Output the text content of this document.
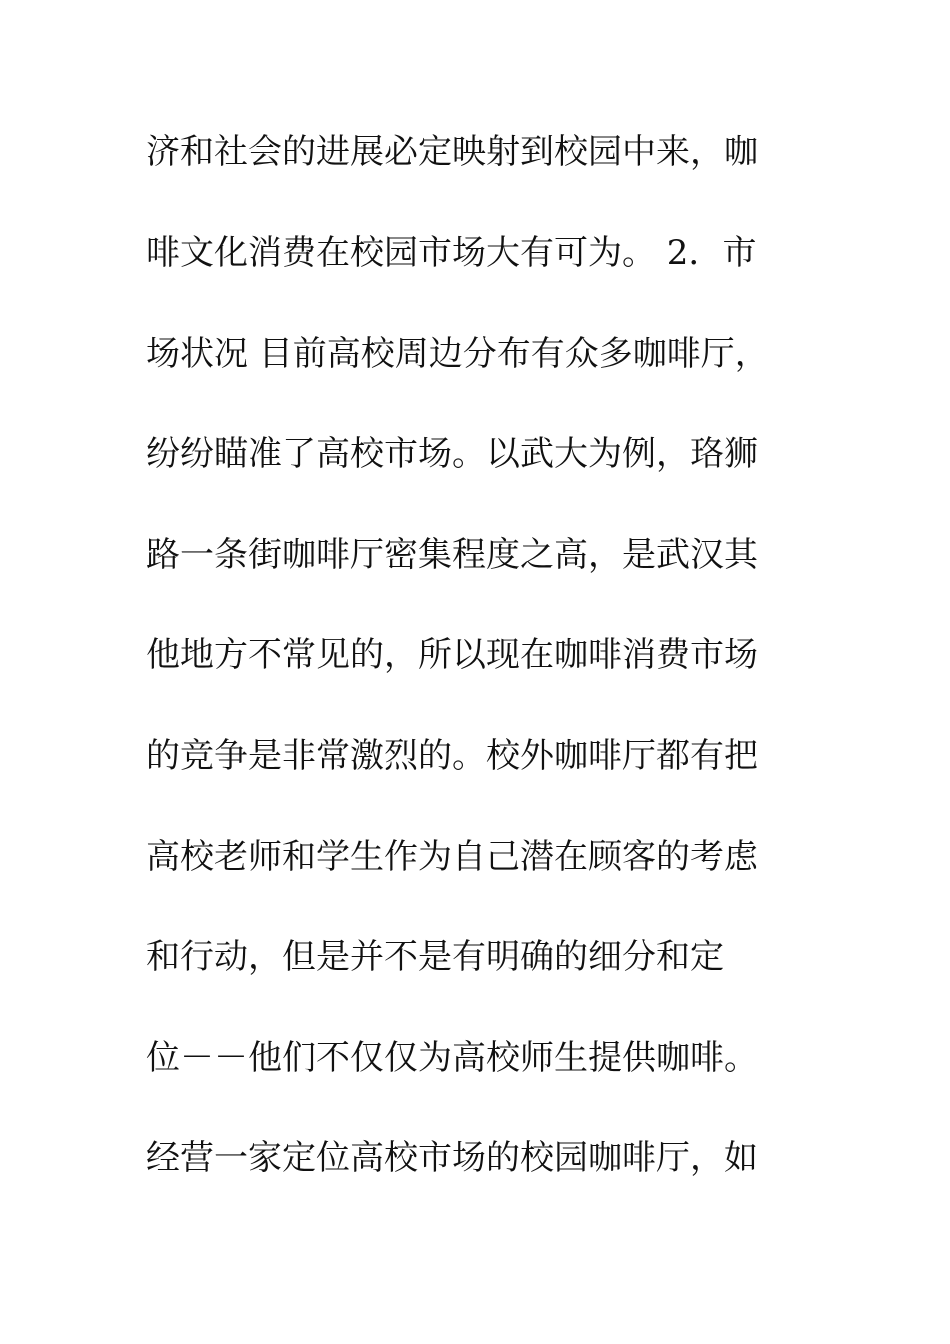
济和社会的进展必定映射到校园中来，咖
啡文化消费在校园市场大有可为。 2．市
场状况 目前高校周边分布有众多咖啡厅，
纷纷瞄准了高校市场。以武大为例，珞狮
路一条街咖啡厅密集程度之高，是武汉其
他地方不常见的，所以现在咖啡消费市场
的竞争是非常激烈的。校外咖啡厅都有把
高校老师和学生作为自己潜在顾客的考虑
和行动，但是并不是有明确的细分和定
位－－他们不仅仅为高校师生提供咖啡。
经营一家定位高校市场的校园咖啡厅，如
